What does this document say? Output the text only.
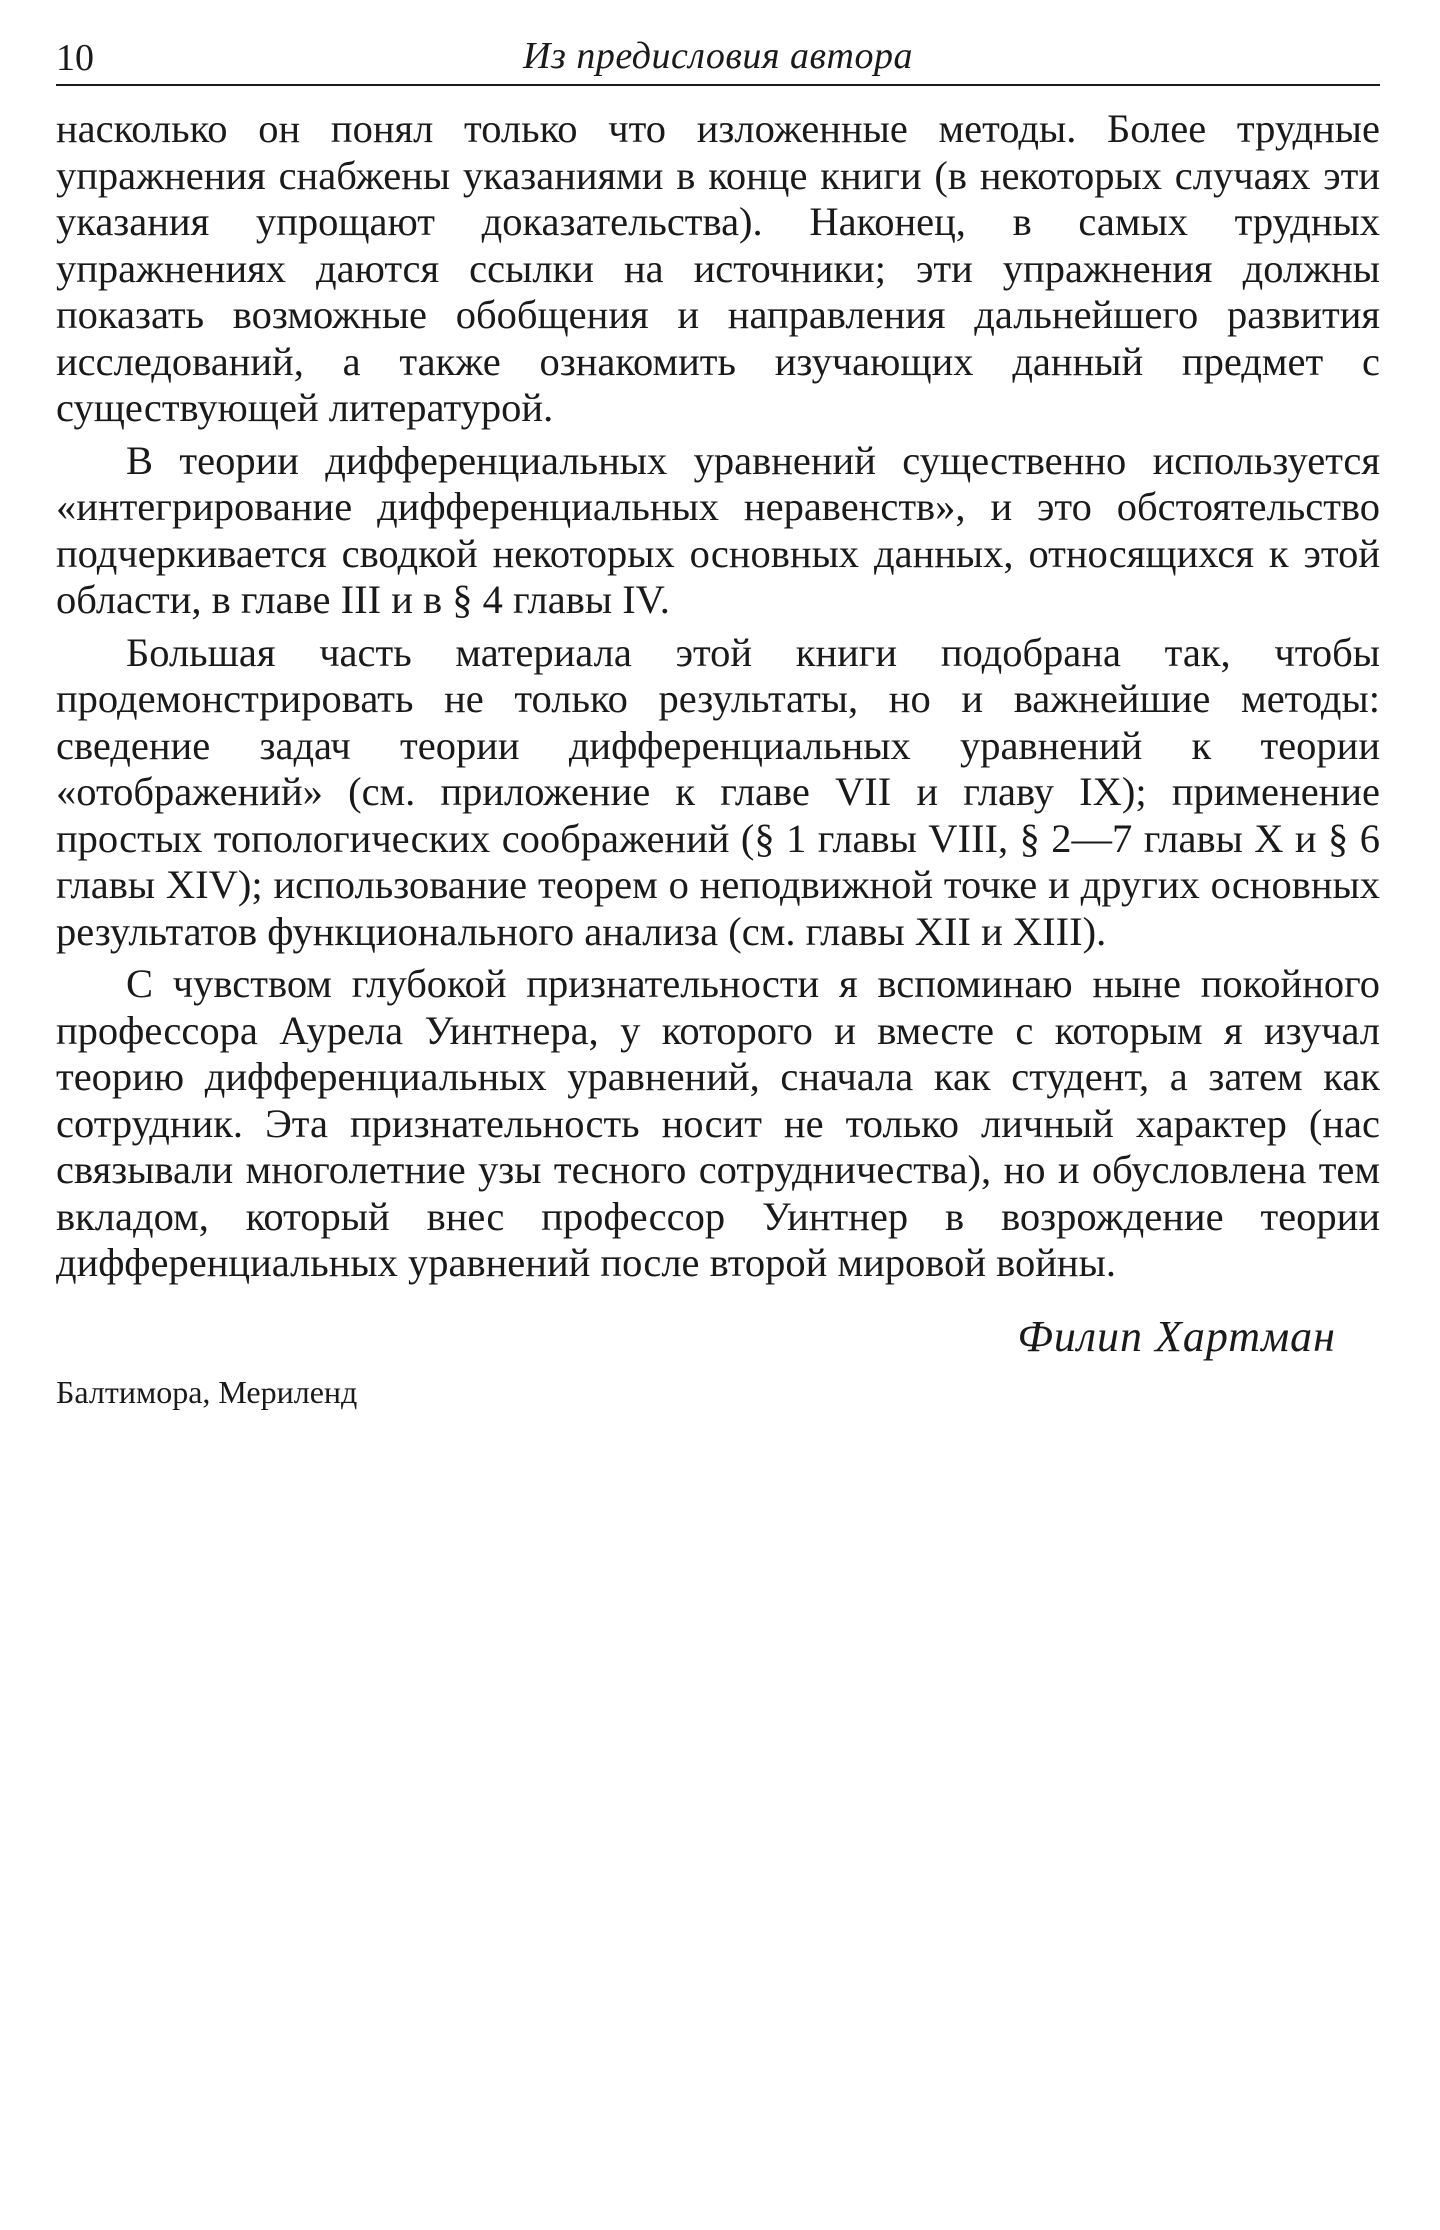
10	Из предисловия автора

насколько он понял только что изложенные методы. Более трудные упражнения снабжены указаниями в конце книги (в некоторых случаях эти указания упрощают доказательства). Наконец, в самых трудных упражнениях даются ссылки на источники; эти упражнения должны показать возможные обобщения и направления дальнейшего развития исследований, а также ознакомить изучающих данный предмет с существующей литературой.

В теории дифференциальных уравнений существенно используется «интегрирование дифференциальных неравенств», и это обстоятельство подчеркивается сводкой некоторых основных данных, относящихся к этой области, в главе III и в § 4 главы IV.

Большая часть материала этой книги подобрана так, чтобы продемонстрировать не только результаты, но и важнейшие методы: сведение задач теории дифференциальных уравнений к теории «отображений» (см. приложение к главе VII и главу IX); применение простых топологических соображений (§ 1 главы VIII, § 2—7 главы X и § 6 главы XIV); использование теорем о неподвижной точке и других основных результатов функционального анализа (см. главы XII и XIII).

С чувством глубокой признательности я вспоминаю ныне покойного профессора Аурела Уинтнера, у которого и вместе с которым я изучал теорию дифференциальных уравнений, сначала как студент, а затем как сотрудник. Эта признательность носит не только личный характер (нас связывали многолетние узы тесного сотрудничества), но и обусловлена тем вкладом, который внес профессор Уинтнер в возрождение теории дифференциальных уравнений после второй мировой войны.

Филип Хартман
Балтимора, Мериленд
